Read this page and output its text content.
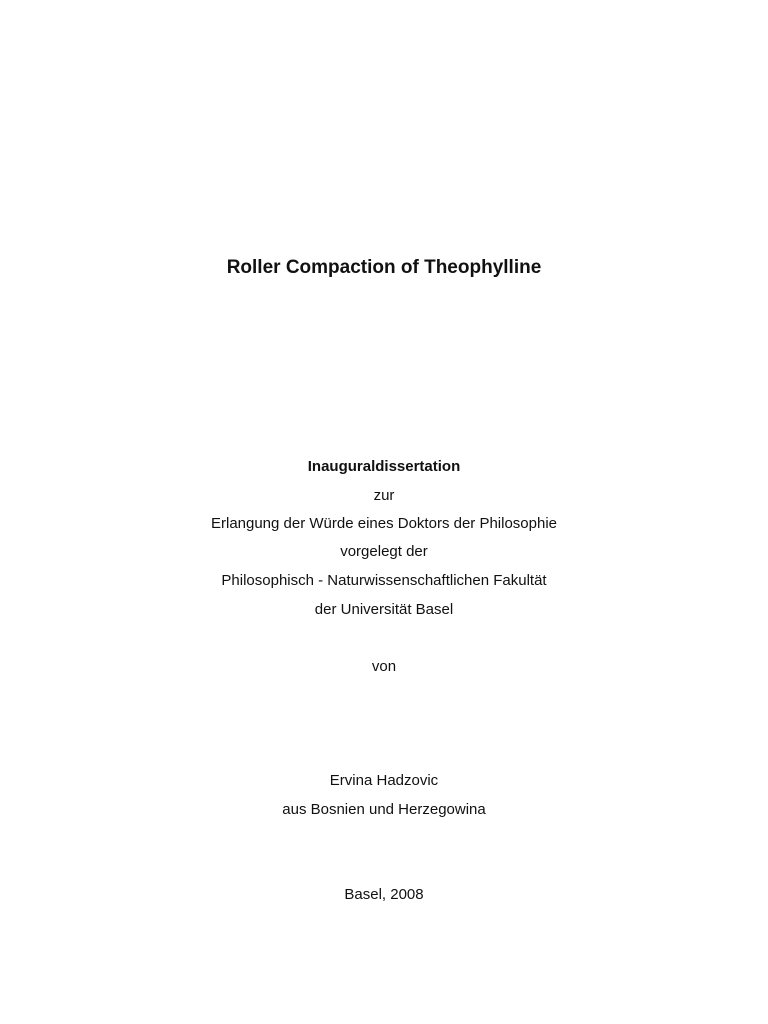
Roller Compaction of Theophylline
Inauguraldissertation
zur
Erlangung der Würde eines Doktors der Philosophie
vorgelegt der
Philosophisch - Naturwissenschaftlichen Fakultät
der Universität Basel
von
Ervina Hadzovic
aus Bosnien und Herzegowina
Basel, 2008
